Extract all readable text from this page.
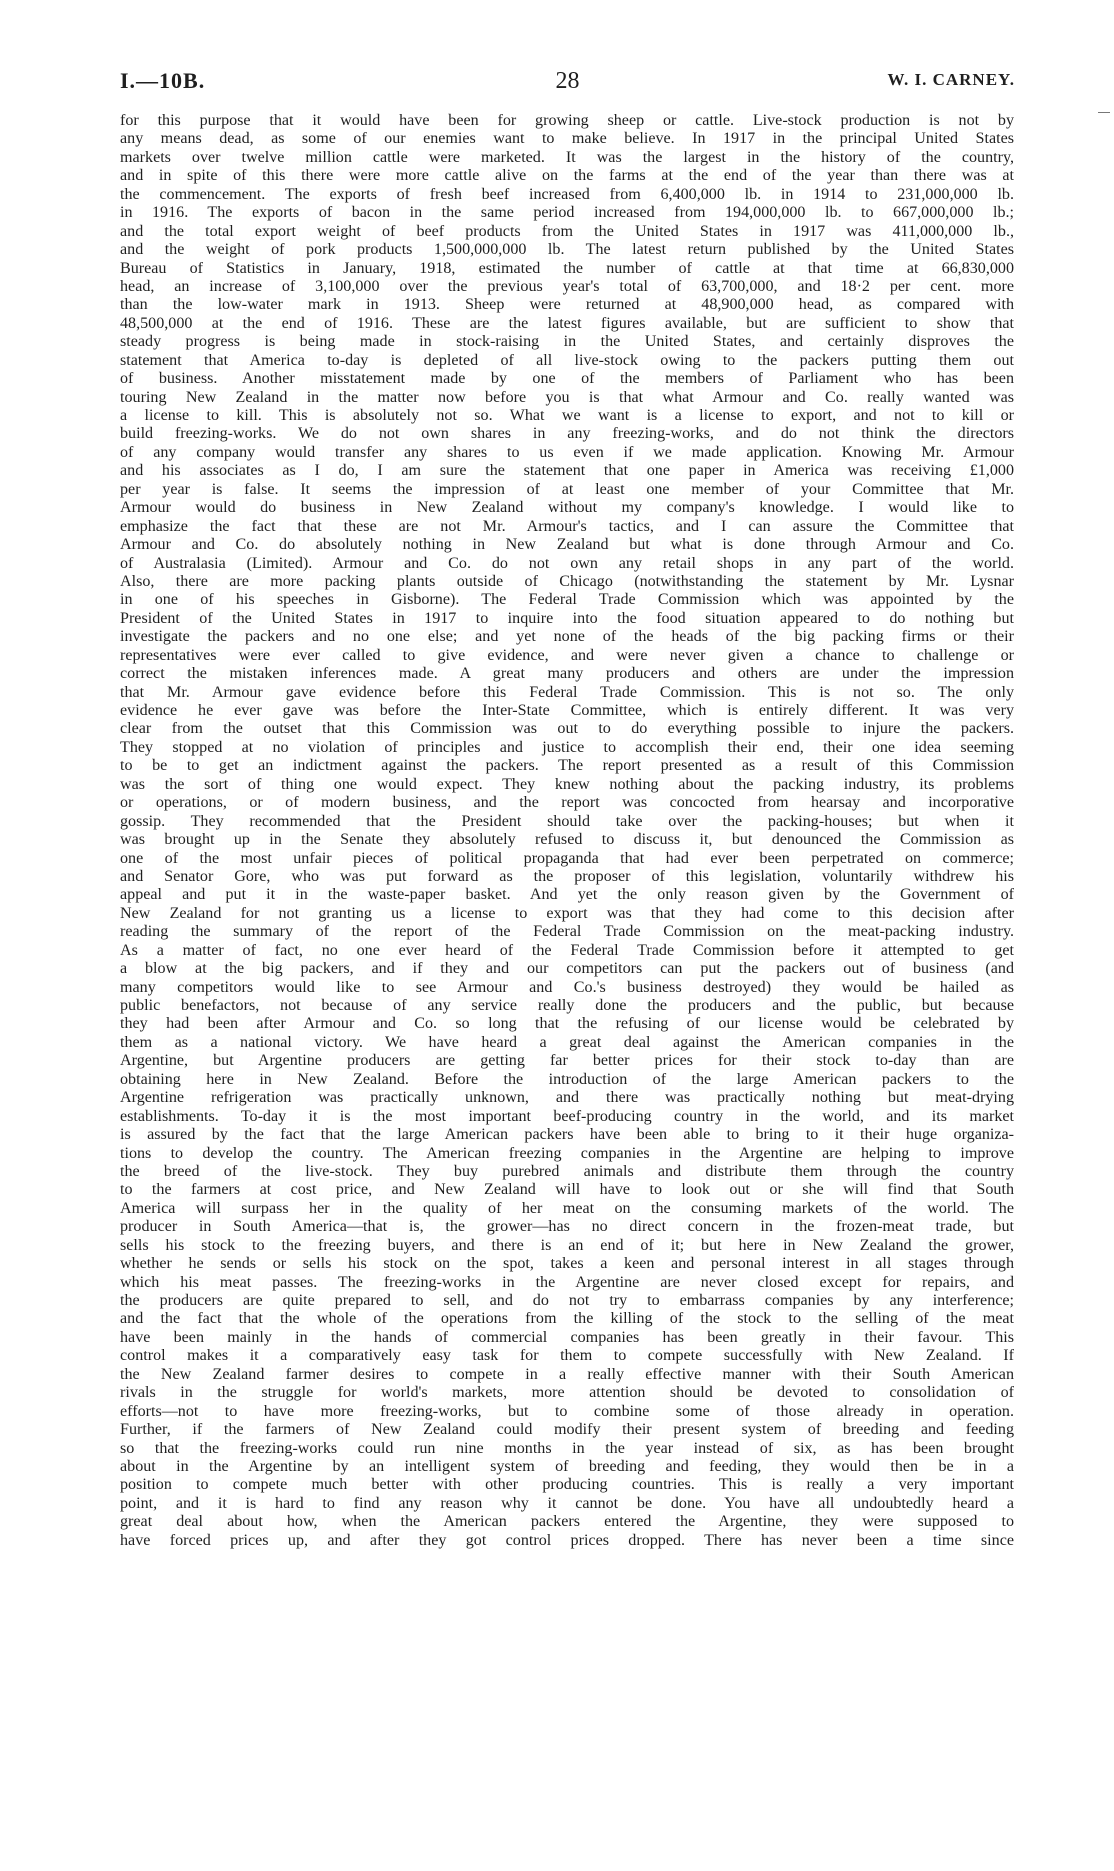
I.—10B.	28	W. I. CARNEY.
for this purpose that it would have been for growing sheep or cattle. Live-stock production is not by
any means dead, as some of our enemies want to make believe. In 1917 in the principal United States
markets over twelve million cattle were marketed. It was the largest in the history of the country,
and in spite of this there were more cattle alive on the farms at the end of the year than there was at
the commencement. The exports of fresh beef increased from 6,400,000 lb. in 1914 to 231,000,000 lb.
in 1916. The exports of bacon in the same period increased from 194,000,000 lb. to 667,000,000 lb.;
and the total export weight of beef products from the United States in 1917 was 411,000,000 lb.,
and the weight of pork products 1,500,000,000 lb. The latest return published by the United States
Bureau of Statistics in January, 1918, estimated the number of cattle at that time at 66,830,000
head, an increase of 3,100,000 over the previous year's total of 63,700,000, and 18·2 per cent. more
than the low-water mark in 1913. Sheep were returned at 48,900,000 head, as compared with
48,500,000 at the end of 1916. These are the latest figures available, but are sufficient to show that
steady progress is being made in stock-raising in the United States, and certainly disproves the
statement that America to-day is depleted of all live-stock owing to the packers putting them out
of business. Another misstatement made by one of the members of Parliament who has been
touring New Zealand in the matter now before you is that what Armour and Co. really wanted was
a license to kill. This is absolutely not so. What we want is a license to export, and not to kill or
build freezing-works. We do not own shares in any freezing-works, and do not think the directors
of any company would transfer any shares to us even if we made application. Knowing Mr. Armour
and his associates as I do, I am sure the statement that one paper in America was receiving £1,000
per year is false. It seems the impression of at least one member of your Committee that Mr.
Armour would do business in New Zealand without my company's knowledge. I would like to
emphasize the fact that these are not Mr. Armour's tactics, and I can assure the Committee that
Armour and Co. do absolutely nothing in New Zealand but what is done through Armour and Co.
of Australasia (Limited). Armour and Co. do not own any retail shops in any part of the world.
Also, there are more packing plants outside of Chicago (notwithstanding the statement by Mr. Lysnar
in one of his speeches in Gisborne). The Federal Trade Commission which was appointed by the
President of the United States in 1917 to inquire into the food situation appeared to do nothing but
investigate the packers and no one else; and yet none of the heads of the big packing firms or their
representatives were ever called to give evidence, and were never given a chance to challenge or
correct the mistaken inferences made. A great many producers and others are under the impression
that Mr. Armour gave evidence before this Federal Trade Commission. This is not so. The only
evidence he ever gave was before the Inter-State Committee, which is entirely different. It was very
clear from the outset that this Commission was out to do everything possible to injure the packers.
They stopped at no violation of principles and justice to accomplish their end, their one idea seeming
to be to get an indictment against the packers. The report presented as a result of this Commission
was the sort of thing one would expect. They knew nothing about the packing industry, its problems
or operations, or of modern business, and the report was concocted from hearsay and incorporative
gossip. They recommended that the President should take over the packing-houses; but when it
was brought up in the Senate they absolutely refused to discuss it, but denounced the Commission as
one of the most unfair pieces of political propaganda that had ever been perpetrated on commerce;
and Senator Gore, who was put forward as the proposer of this legislation, voluntarily withdrew his
appeal and put it in the waste-paper basket. And yet the only reason given by the Government of
New Zealand for not granting us a license to export was that they had come to this decision after
reading the summary of the report of the Federal Trade Commission on the meat-packing industry.
As a matter of fact, no one ever heard of the Federal Trade Commission before it attempted to get
a blow at the big packers, and if they and our competitors can put the packers out of business (and
many competitors would like to see Armour and Co.'s business destroyed) they would be hailed as
public benefactors, not because of any service really done the producers and the public, but because
they had been after Armour and Co. so long that the refusing of our license would be celebrated by
them as a national victory. We have heard a great deal against the American companies in the
Argentine, but Argentine producers are getting far better prices for their stock to-day than are
obtaining here in New Zealand. Before the introduction of the large American packers to the
Argentine refrigeration was practically unknown, and there was practically nothing but meat-drying
establishments. To-day it is the most important beef-producing country in the world, and its market
is assured by the fact that the large American packers have been able to bring to it their huge organiza-
tions to develop the country. The American freezing companies in the Argentine are helping to improve
the breed of the live-stock. They buy purebred animals and distribute them through the country
to the farmers at cost price, and New Zealand will have to look out or she will find that South
America will surpass her in the quality of her meat on the consuming markets of the world. The
producer in South America—that is, the grower—has no direct concern in the frozen-meat trade, but
sells his stock to the freezing buyers, and there is an end of it; but here in New Zealand the grower,
whether he sends or sells his stock on the spot, takes a keen and personal interest in all stages through
which his meat passes. The freezing-works in the Argentine are never closed except for repairs, and
the producers are quite prepared to sell, and do not try to embarrass companies by any interference;
and the fact that the whole of the operations from the killing of the stock to the selling of the meat
have been mainly in the hands of commercial companies has been greatly in their favour. This
control makes it a comparatively easy task for them to compete successfully with New Zealand. If
the New Zealand farmer desires to compete in a really effective manner with their South American
rivals in the struggle for world's markets, more attention should be devoted to consolidation of
efforts—not to have more freezing-works, but to combine some of those already in operation.
Further, if the farmers of New Zealand could modify their present system of breeding and feeding
so that the freezing-works could run nine months in the year instead of six, as has been brought
about in the Argentine by an intelligent system of breeding and feeding, they would then be in a
position to compete much better with other producing countries. This is really a very important
point, and it is hard to find any reason why it cannot be done. You have all undoubtedly heard a
great deal about how, when the American packers entered the Argentine, they were supposed to
have forced prices up, and after they got control prices dropped. There has never been a time since
